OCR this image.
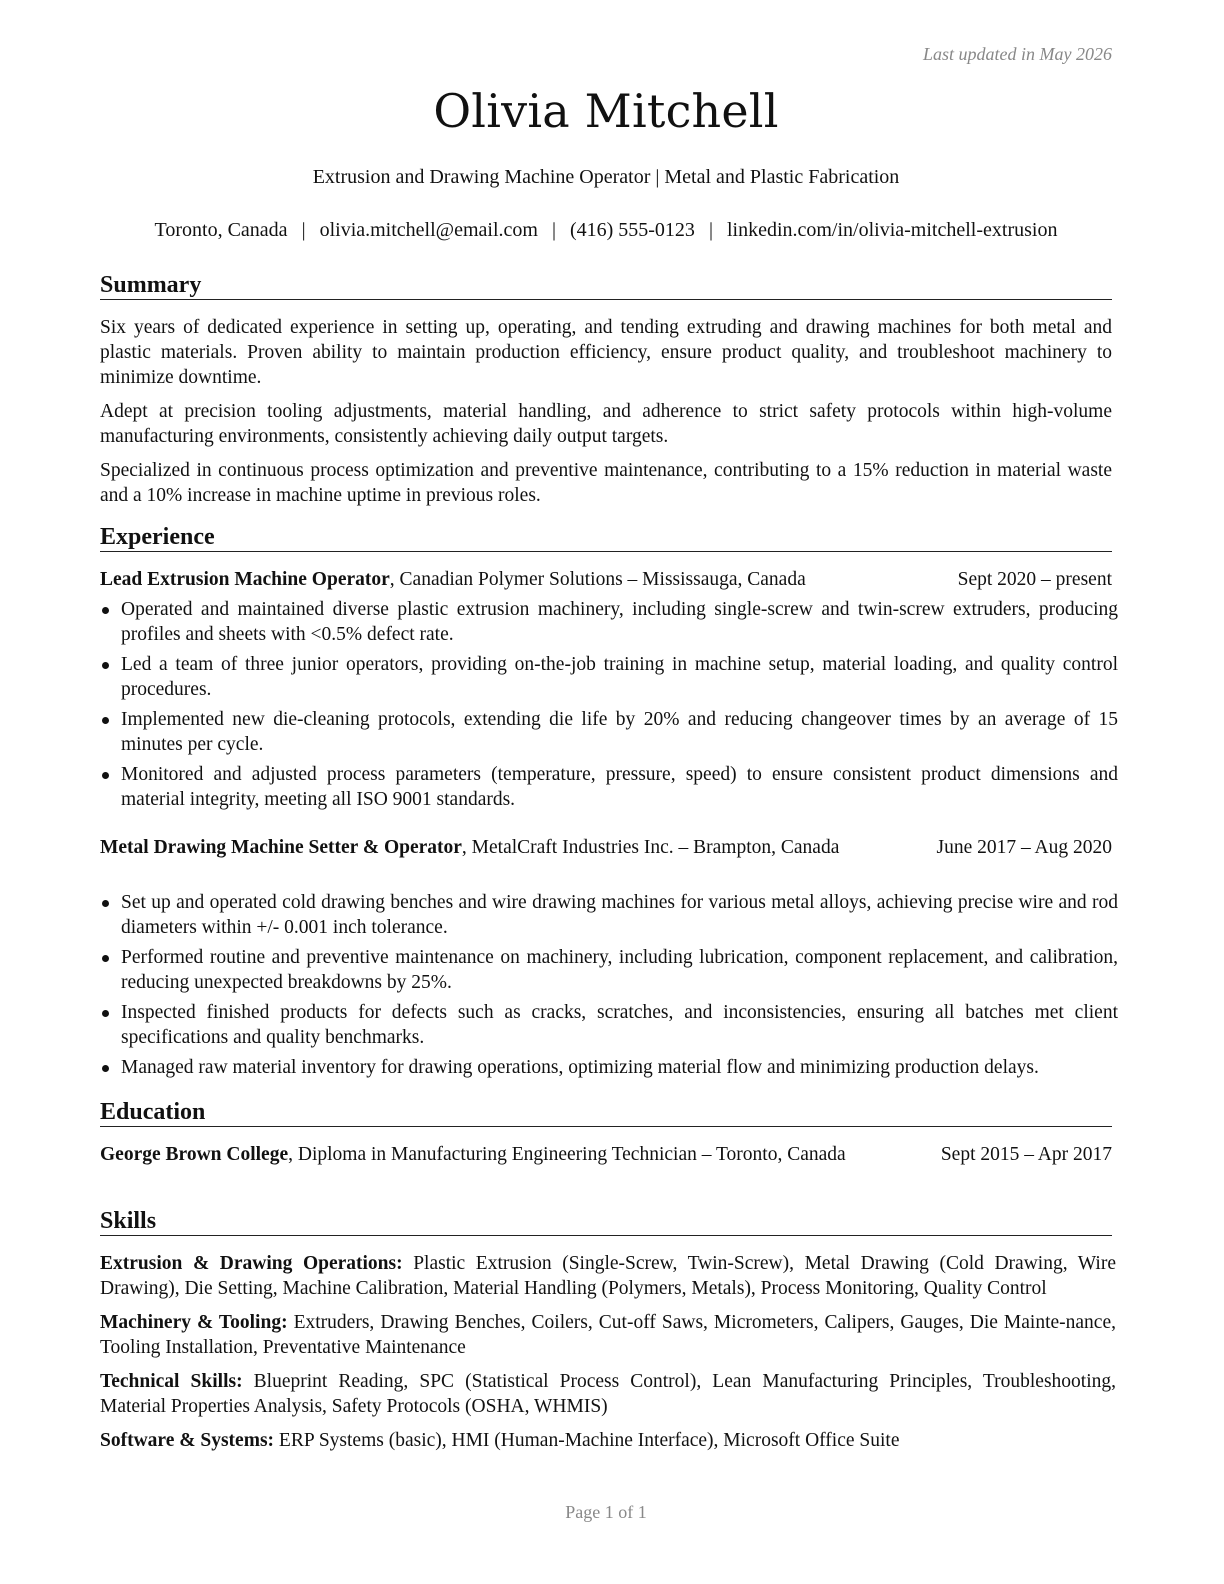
Last updated in May 2026
Olivia Mitchell
Extrusion and Drawing Machine Operator | Metal and Plastic Fabrication
Toronto, Canada | olivia.mitchell@email.com | (416) 555-0123 | linkedin.com/in/olivia-mitchell-extrusion
Summary

Six years of dedicated experience in setting up, operating, and tending extruding and drawing machines for both metal and plastic materials. Proven ability to maintain production efficiency, ensure product quality, and troubleshoot machinery to minimize downtime.

Adept at precision tooling adjustments, material handling, and adherence to strict safety protocols within high-volume manufacturing environments, consistently achieving daily output targets.

Specialized in continuous process optimization and preventive maintenance, contributing to a 15% reduction in material waste and a 10% increase in machine uptime in previous roles.

Experience
Lead Extrusion Machine Operator, Canadian Polymer Solutions – Mississauga, Canada	Sept 2020 – present
Operated and maintained diverse plastic extrusion machinery, including single-screw and twin-screw extruders, producing profiles and sheets with <0.5% defect rate.
Led a team of three junior operators, providing on-the-job training in machine setup, material loading, and quality control procedures.
Implemented new die-cleaning protocols, extending die life by 20% and reducing changeover times by an average of 15 minutes per cycle.
Monitored and adjusted process parameters (temperature, pressure, speed) to ensure consistent product dimensions and material integrity, meeting all ISO 9001 standards.
Metal Drawing Machine Setter & Operator, MetalCraft Industries Inc. – Brampton, Canada	June 2017 – Aug 2020
Set up and operated cold drawing benches and wire drawing machines for various metal alloys, achieving precise wire and rod diameters within +/- 0.001 inch tolerance.
Performed routine and preventive maintenance on machinery, including lubrication, component replacement, and calibration, reducing unexpected breakdowns by 25%.
Inspected finished products for defects such as cracks, scratches, and inconsistencies, ensuring all batches met client specifications and quality benchmarks.
Managed raw material inventory for drawing operations, optimizing material flow and minimizing production delays.
Education
George Brown College, Diploma in Manufacturing Engineering Technician – Toronto, Canada	Sept 2015 – Apr 2017
Skills

Extrusion & Drawing Operations: Plastic Extrusion (Single-Screw, Twin-Screw), Metal Drawing (Cold Drawing, Wire Drawing), Die Setting, Machine Calibration, Material Handling (Polymers, Metals), Process Monitoring, Quality Control

Machinery & Tooling: Extruders, Drawing Benches, Coilers, Cut-off Saws, Micrometers, Calipers, Gauges, Die Mainte-nance, Tooling Installation, Preventative Maintenance

Technical Skills: Blueprint Reading, SPC (Statistical Process Control), Lean Manufacturing Principles, Troubleshooting, Material Properties Analysis, Safety Protocols (OSHA, WHMIS)

Software & Systems: ERP Systems (basic), HMI (Human-Machine Interface), Microsoft Office Suite

Page 1 of 1
